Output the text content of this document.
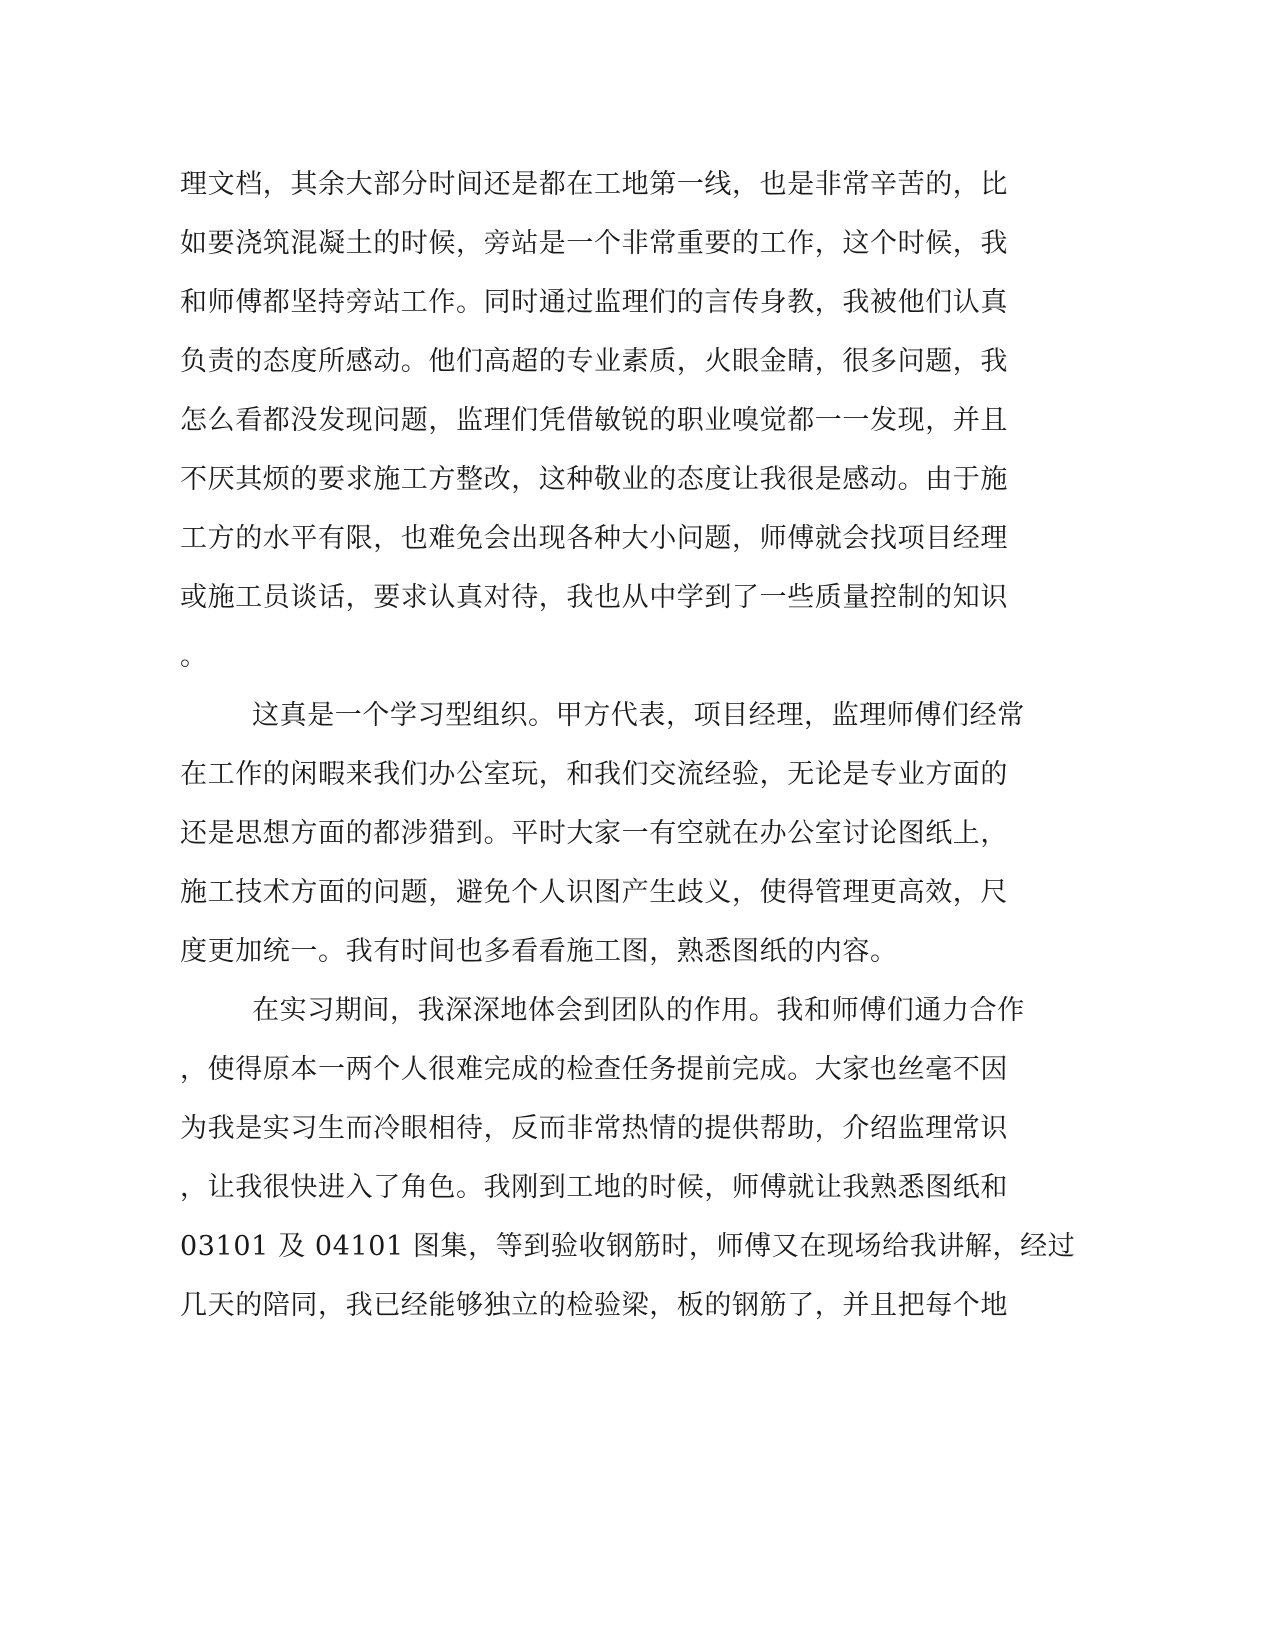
理文档，其余大部分时间还是都在工地第一线，也是非常辛苦的，比
如要浇筑混凝土的时候，旁站是一个非常重要的工作，这个时候，我
和师傅都坚持旁站工作。同时通过监理们的言传身教，我被他们认真
负责的态度所感动。他们高超的专业素质，火眼金睛，很多问题，我
怎么看都没发现问题，监理们凭借敏锐的职业嗅觉都一一发现，并且
不厌其烦的要求施工方整改，这种敬业的态度让我很是感动。由于施
工方的水平有限，也难免会出现各种大小问题，师傅就会找项目经理
或施工员谈话，要求认真对待，我也从中学到了一些质量控制的知识
。
这真是一个学习型组织。甲方代表，项目经理，监理师傅们经常
在工作的闲暇来我们办公室玩，和我们交流经验，无论是专业方面的
还是思想方面的都涉猎到。平时大家一有空就在办公室讨论图纸上，
施工技术方面的问题，避免个人识图产生歧义，使得管理更高效，尺
度更加统一。我有时间也多看看施工图，熟悉图纸的内容。
在实习期间，我深深地体会到团队的作用。我和师傅们通力合作
，使得原本一两个人很难完成的检查任务提前完成。大家也丝毫不因
为我是实习生而冷眼相待，反而非常热情的提供帮助，介绍监理常识
，让我很快进入了角色。我刚到工地的时候，师傅就让我熟悉图纸和
03101 及 04101 图集，等到验收钢筋时，师傅又在现场给我讲解，经过
几天的陪同，我已经能够独立的检验梁，板的钢筋了，并且把每个地
